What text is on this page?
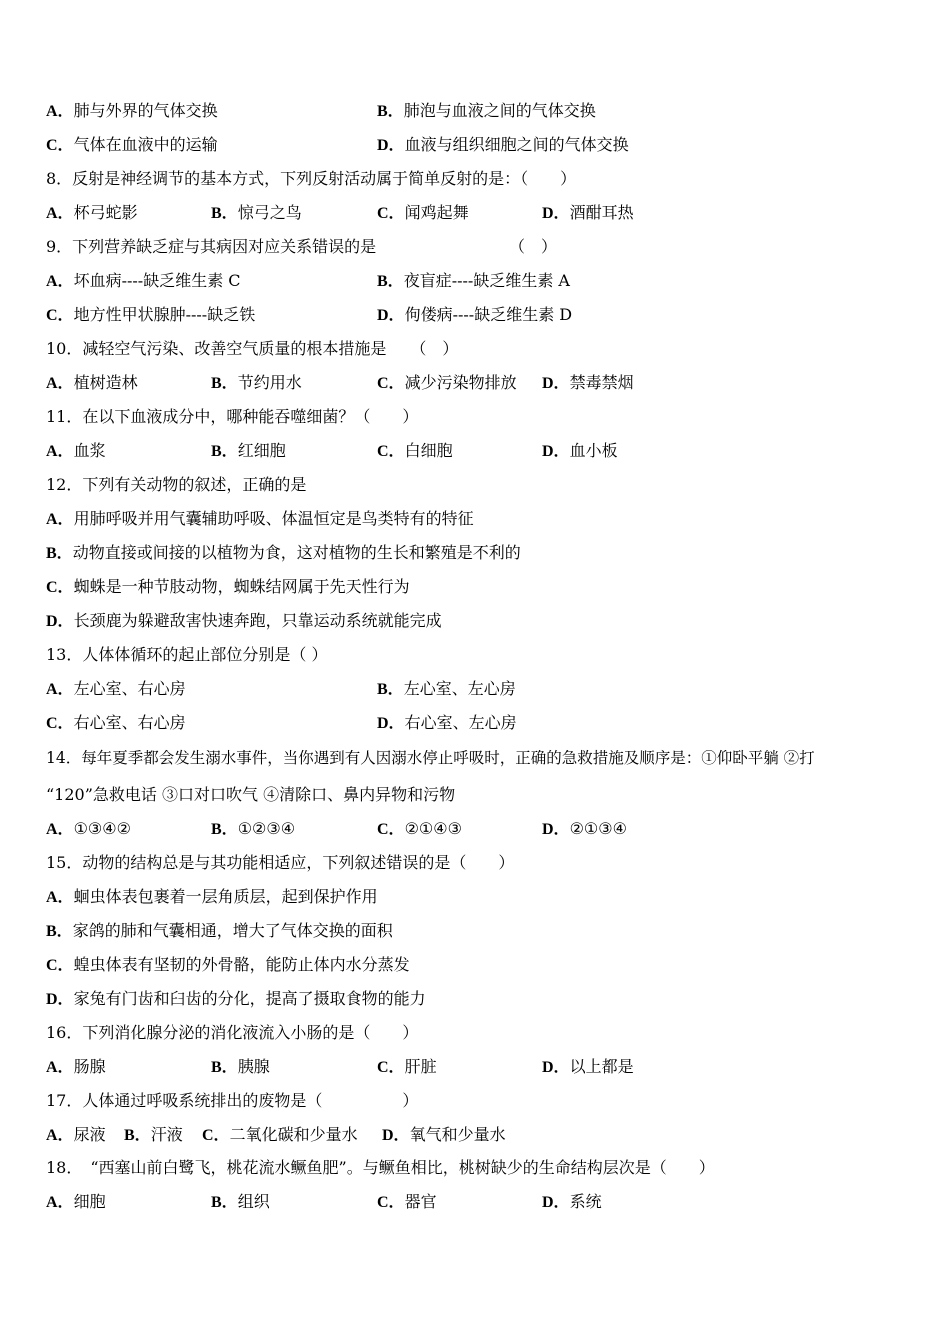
A．肺与外界的气体交换	B．肺泡与血液之间的气体交换
C．气体在血液中的运输	D．血液与组织细胞之间的气体交换
8．反射是神经调节的基本方式，下列反射活动属于简单反射的是：（　　）
A．杯弓蛇影	B．惊弓之鸟	C．闻鸡起舞	D．酒酣耳热
9．下列营养缺乏症与其病因对应关系错误的是	（　）
A．坏血病----缺乏维生素 C	B．夜盲症----缺乏维生素 A
C．地方性甲状腺肿----缺乏铁	D．佝偻病----缺乏维生素 D
10．减轻空气污染、改善空气质量的根本措施是　　（　）
A．植树造林	B．节约用水	C．减少污染物排放 D．禁毒禁烟
11．在以下血液成分中，哪种能吞噬细菌？（　　）
A．血浆	B．红细胞	C．白细胞	D．血小板
12．下列有关动物的叙述，正确的是
A．用肺呼吸并用气囊辅助呼吸、体温恒定是鸟类特有的特征
B．动物直接或间接的以植物为食，这对植物的生长和繁殖是不利的
C．蜘蛛是一种节肢动物，蜘蛛结网属于先天性行为
D．长颈鹿为躲避敌害快速奔跑，只靠运动系统就能完成
13．人体体循环的起止部位分别是（ ）
A．左心室、右心房	B．左心室、左心房
C．右心室、右心房	D．右心室、左心房
14．每年夏季都会发生溺水事件，当你遇到有人因溺水停止呼吸时，正确的急救措施及顺序是：①仰卧平躺 ②打
“120”急救电话 ③口对口吹气 ④清除口、鼻内异物和污物
A．①③④②	B．①②③④	C．②①④③	D．②①③④
15．动物的结构总是与其功能相适应，下列叙述错误的是（　　）
A．蛔虫体表包裹着一层角质层，起到保护作用
B．家鸽的肺和气囊相通，增大了气体交换的面积
C．蝗虫体表有坚韧的外骨骼，能防止体内水分蒸发
D．家兔有门齿和臼齿的分化，提高了摄取食物的能力
16．下列消化腺分泌的消化液流入小肠的是（　　）
A．肠腺	B．胰腺	C．肝脏	D．以上都是
17．人体通过呼吸系统排出的废物是（　　　　　）
A．尿液 B．汗液 C．二氧化碳和少量水 D．氧气和少量水
18．　“西塞山前白鹭飞，桃花流水鳜鱼肥”。与鳜鱼相比，桃树缺少的生命结构层次是（　　）
A．细胞	B．组织	C．器官	D．系统
